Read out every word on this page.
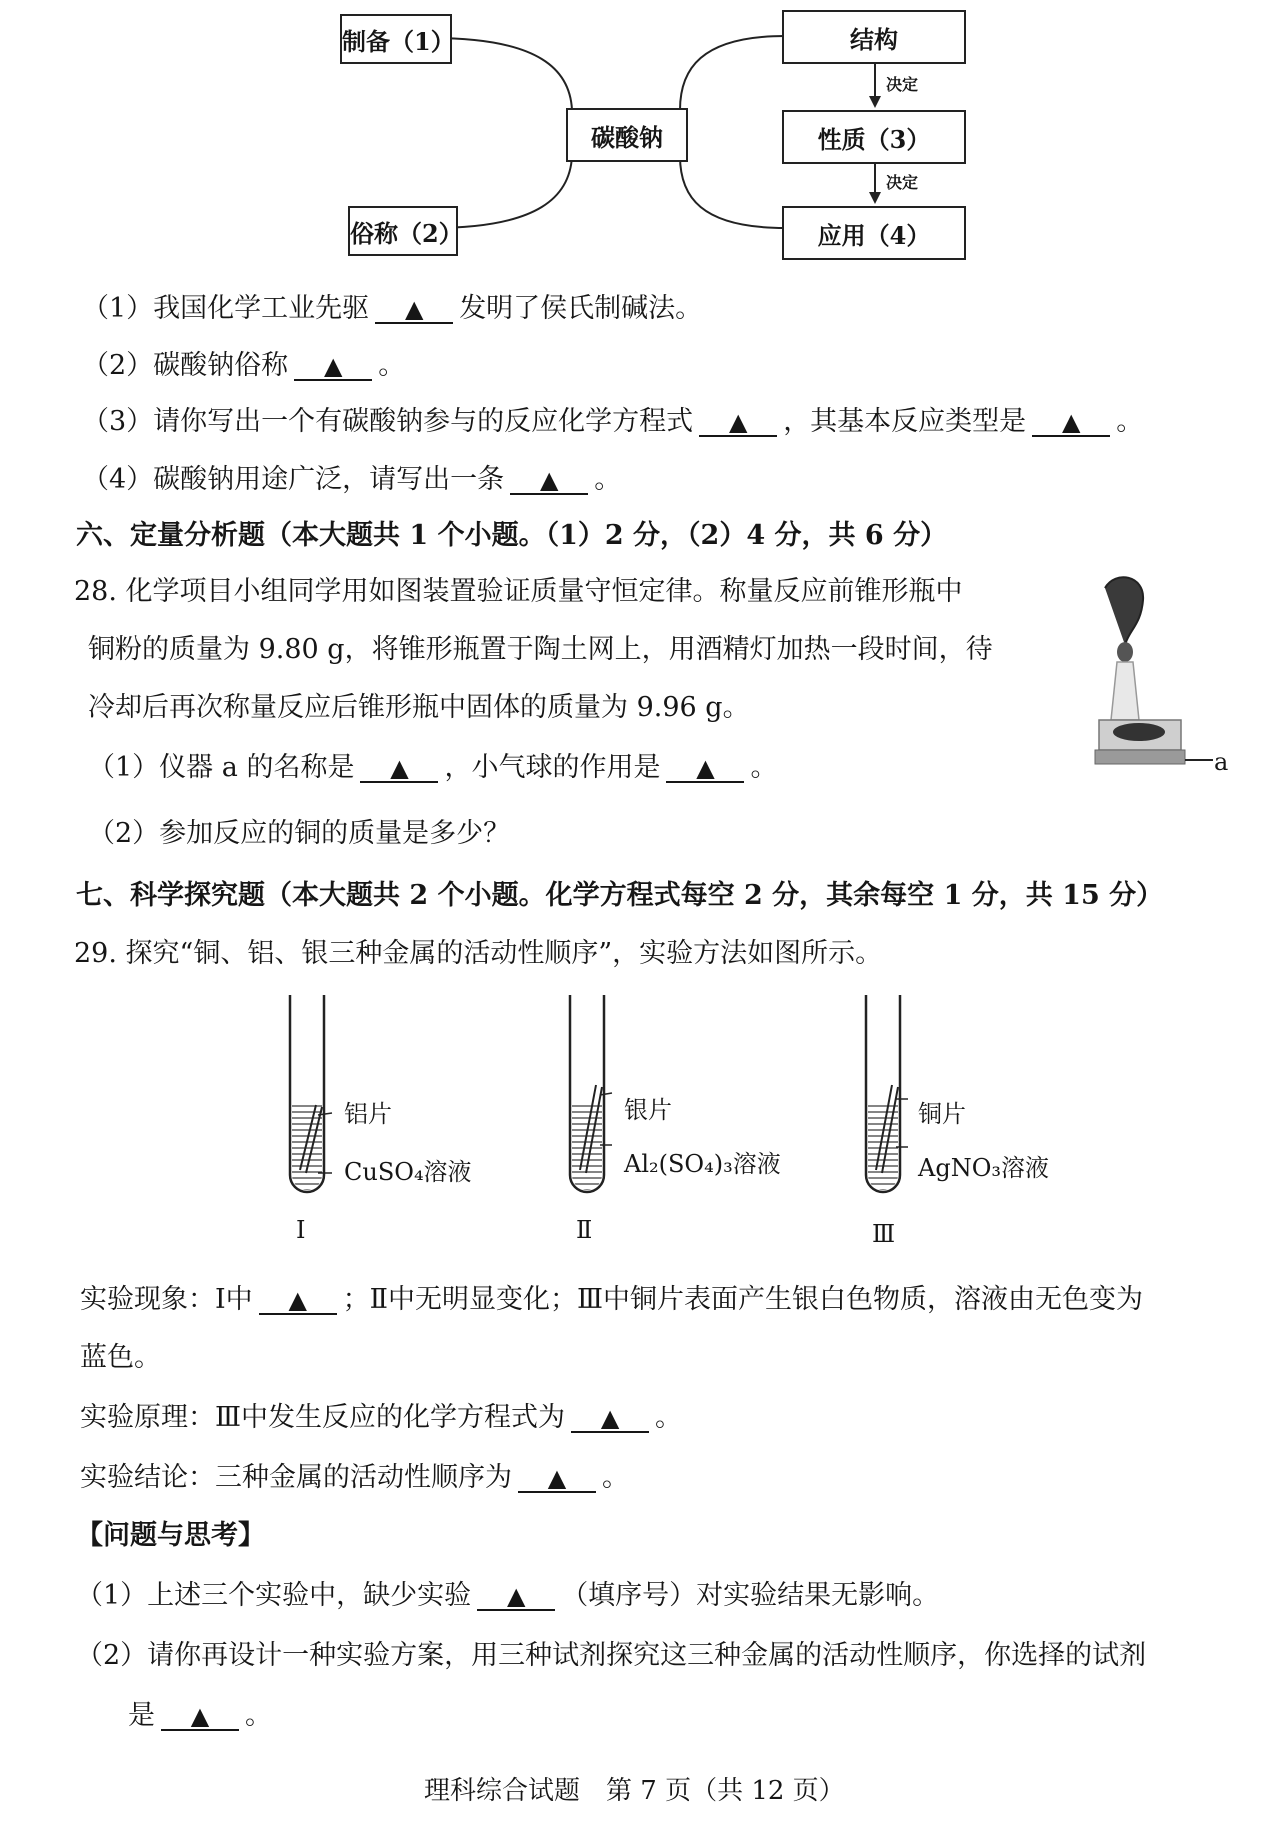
制备（1）
俗称（2）
碳酸钠
结构
性质（3）
应用（4）
决定
决定
（1）我国化学工业先驱 ▲ 发明了侯氏制碱法。
（2）碳酸钠俗称 ▲ 。
（3）请你写出一个有碳酸钠参与的反应化学方程式 ▲ ，其基本反应类型是 ▲ 。
（4）碳酸钠用途广泛，请写出一条 ▲ 。
六、定量分析题（本大题共 1 个小题。（1）2 分，（2）4 分，共 6 分）
28. 化学项目小组同学用如图装置验证质量守恒定律。称量反应前锥形瓶中
铜粉的质量为 9.80 g，将锥形瓶置于陶土网上，用酒精灯加热一段时间，待
冷却后再次称量反应后锥形瓶中固体的质量为 9.96 g。
（1）仪器 a 的名称是 ▲ ，小气球的作用是 ▲ 。
（2）参加反应的铜的质量是多少？
a
七、科学探究题（本大题共 2 个小题。化学方程式每空 2 分，其余每空 1 分，共 15 分）
29. 探究“铜、铝、银三种金属的活动性顺序”，实验方法如图所示。
铝片
CuSO₄溶液
Ⅰ
银片
Al₂(SO₄)₃溶液
Ⅱ
铜片
AgNO₃溶液
Ⅲ
实验现象：Ⅰ中 ▲ ；Ⅱ中无明显变化；Ⅲ中铜片表面产生银白色物质，溶液由无色变为
蓝色。
实验原理：Ⅲ中发生反应的化学方程式为 ▲ 。
实验结论：三种金属的活动性顺序为 ▲ 。
【问题与思考】
（1）上述三个实验中，缺少实验 ▲ （填序号）对实验结果无影响。
（2）请你再设计一种实验方案，用三种试剂探究这三种金属的活动性顺序，你选择的试剂
是 ▲ 。
理科综合试题　第 7 页（共 12 页）
